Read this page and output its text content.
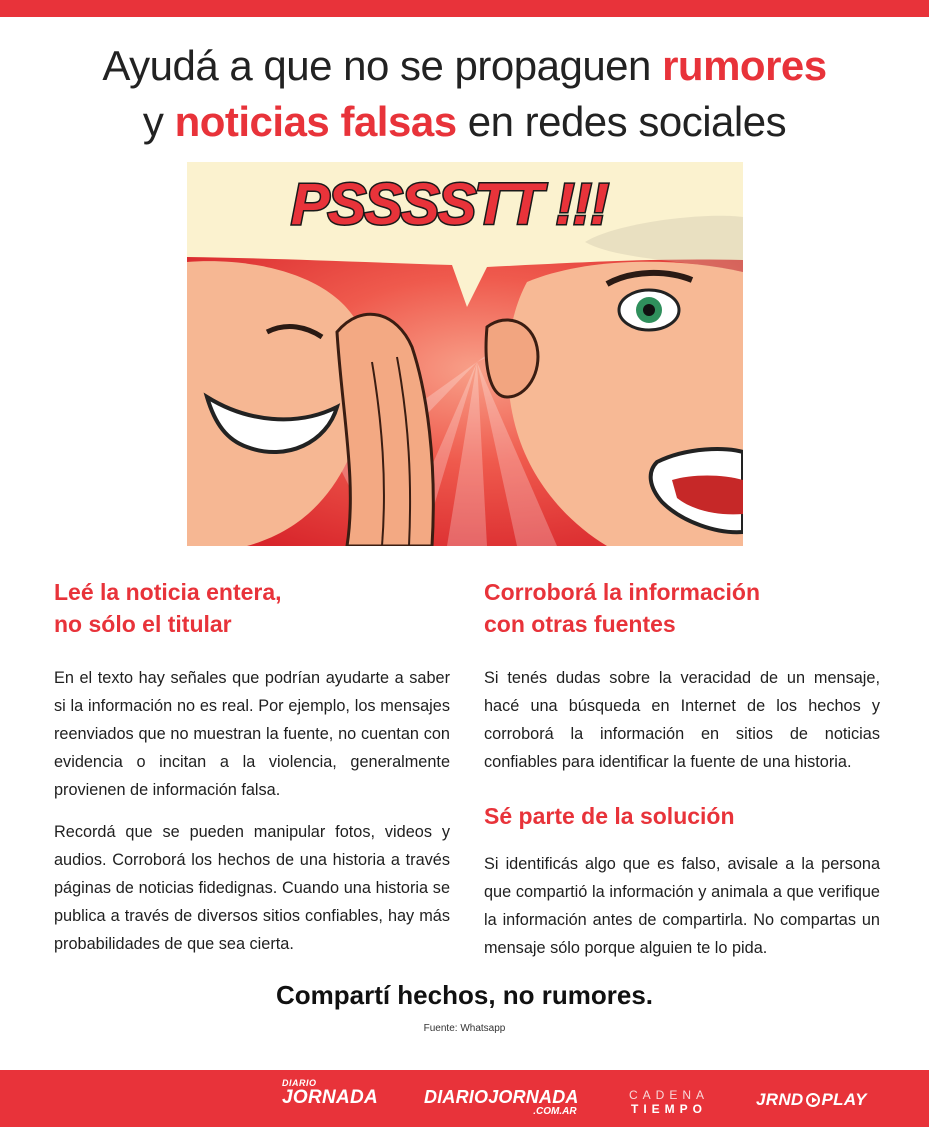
Ayudá a que no se propaguen rumores
y noticias falsas en redes sociales
PSSSSTT !!!
Leé la noticia entera,
no sólo el titular

En el texto hay señales que podrían ayudarte a saber si la información no es real. Por ejemplo, los mensajes reenviados que no muestran la fuente, no cuentan con evidencia o incitan a la violencia, generalmente provienen de información falsa.

Recordá que se pueden manipular fotos, videos y audios. Corroborá los hechos de una historia a través páginas de noticias fidedignas. Cuando una historia se publica a través de diversos sitios confiables, hay más probabilidades de que sea cierta.

Corroborá la información
con otras fuentes

Si tenés dudas sobre la veracidad de un mensaje, hacé una búsqueda en Internet de los hechos y corroborá la información en sitios de noticias confiables para identificar la fuente de una historia.

Sé parte de la solución

Si identificás algo que es falso, avisale a la persona que compartió la información y animala a que verifique la información antes de compartirla. No compartas un mensaje sólo porque alguien te lo pida.

Compartí hechos, no rumores.
Fuente: Whatsapp
DIARIO
JORNADA	DIARIOJORNADA
.COM.AR
CADENA
TIEMPO	JRND PLAY
